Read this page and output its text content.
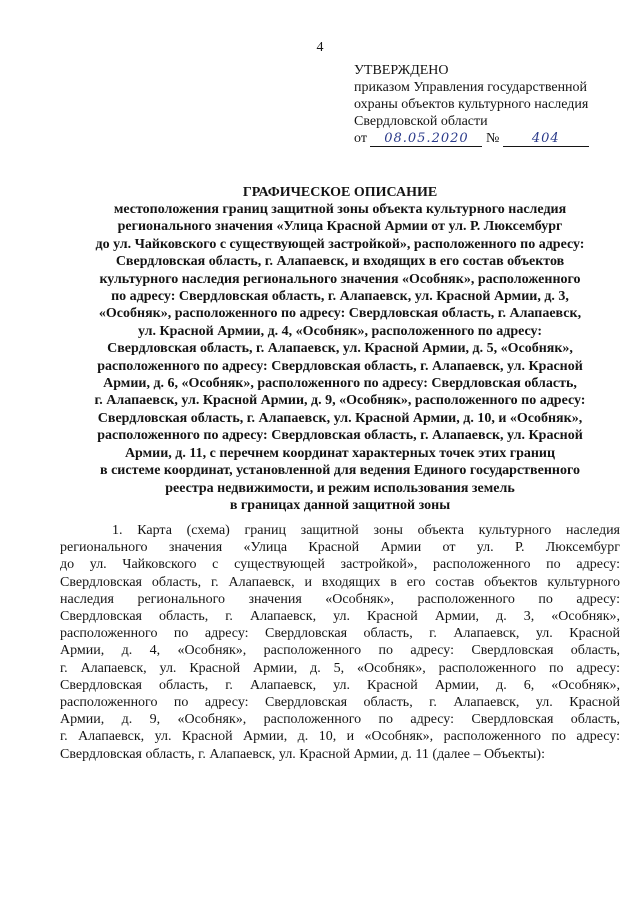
4
УТВЕРЖДЕНО
приказом Управления государственной
охраны объектов культурного наследия
Свердловской области
от 08.05.2020 №	404
ГРАФИЧЕСКОЕ ОПИСАНИЕ
местоположения границ защитной зоны объекта культурного наследия
регионального значения «Улица Красной Армии от ул. Р. Люксембург
до ул. Чайковского с существующей застройкой», расположенного по адресу:
Свердловская область, г. Алапаевск, и входящих в его состав объектов
культурного наследия регионального значения «Особняк», расположенного
по адресу: Свердловская область, г. Алапаевск, ул. Красной Армии, д. 3,
«Особняк», расположенного по адресу: Свердловская область, г. Алапаевск,
ул. Красной Армии, д. 4, «Особняк», расположенного по адресу:
Свердловская область, г. Алапаевск, ул. Красной Армии, д. 5, «Особняк»,
расположенного по адресу: Свердловская область, г. Алапаевск, ул. Красной
Армии, д. 6, «Особняк», расположенного по адресу: Свердловская область,
г. Алапаевск, ул. Красной Армии, д. 9, «Особняк», расположенного по адресу:
Свердловская область, г. Алапаевск, ул. Красной Армии, д. 10, и «Особняк»,
расположенного по адресу: Свердловская область, г. Алапаевск, ул. Красной
Армии, д. 11, с перечнем координат характерных точек этих границ
в системе координат, установленной для ведения Единого государственного
реестра недвижимости, и режим использования земель
в границах данной защитной зоны
1. Карта (схема) границ защитной зоны объекта культурного наследия
регионального значения «Улица Красной Армии от ул. Р. Люксембург
до ул. Чайковского с существующей застройкой», расположенного по адресу:
Свердловская область, г. Алапаевск, и входящих в его состав объектов культурного
наследия регионального значения «Особняк», расположенного по адресу:
Свердловская область, г. Алапаевск, ул. Красной Армии, д. 3, «Особняк»,
расположенного по адресу: Свердловская область, г. Алапаевск, ул. Красной
Армии, д. 4, «Особняк», расположенного по адресу: Свердловская область,
г. Алапаевск, ул. Красной Армии, д. 5, «Особняк», расположенного по адресу:
Свердловская область, г. Алапаевск, ул. Красной Армии, д. 6, «Особняк»,
расположенного по адресу: Свердловская область, г. Алапаевск, ул. Красной
Армии, д. 9, «Особняк», расположенного по адресу: Свердловская область,
г. Алапаевск, ул. Красной Армии, д. 10, и «Особняк», расположенного по адресу:
Свердловская область, г. Алапаевск, ул. Красной Армии, д. 11 (далее – Объекты):
